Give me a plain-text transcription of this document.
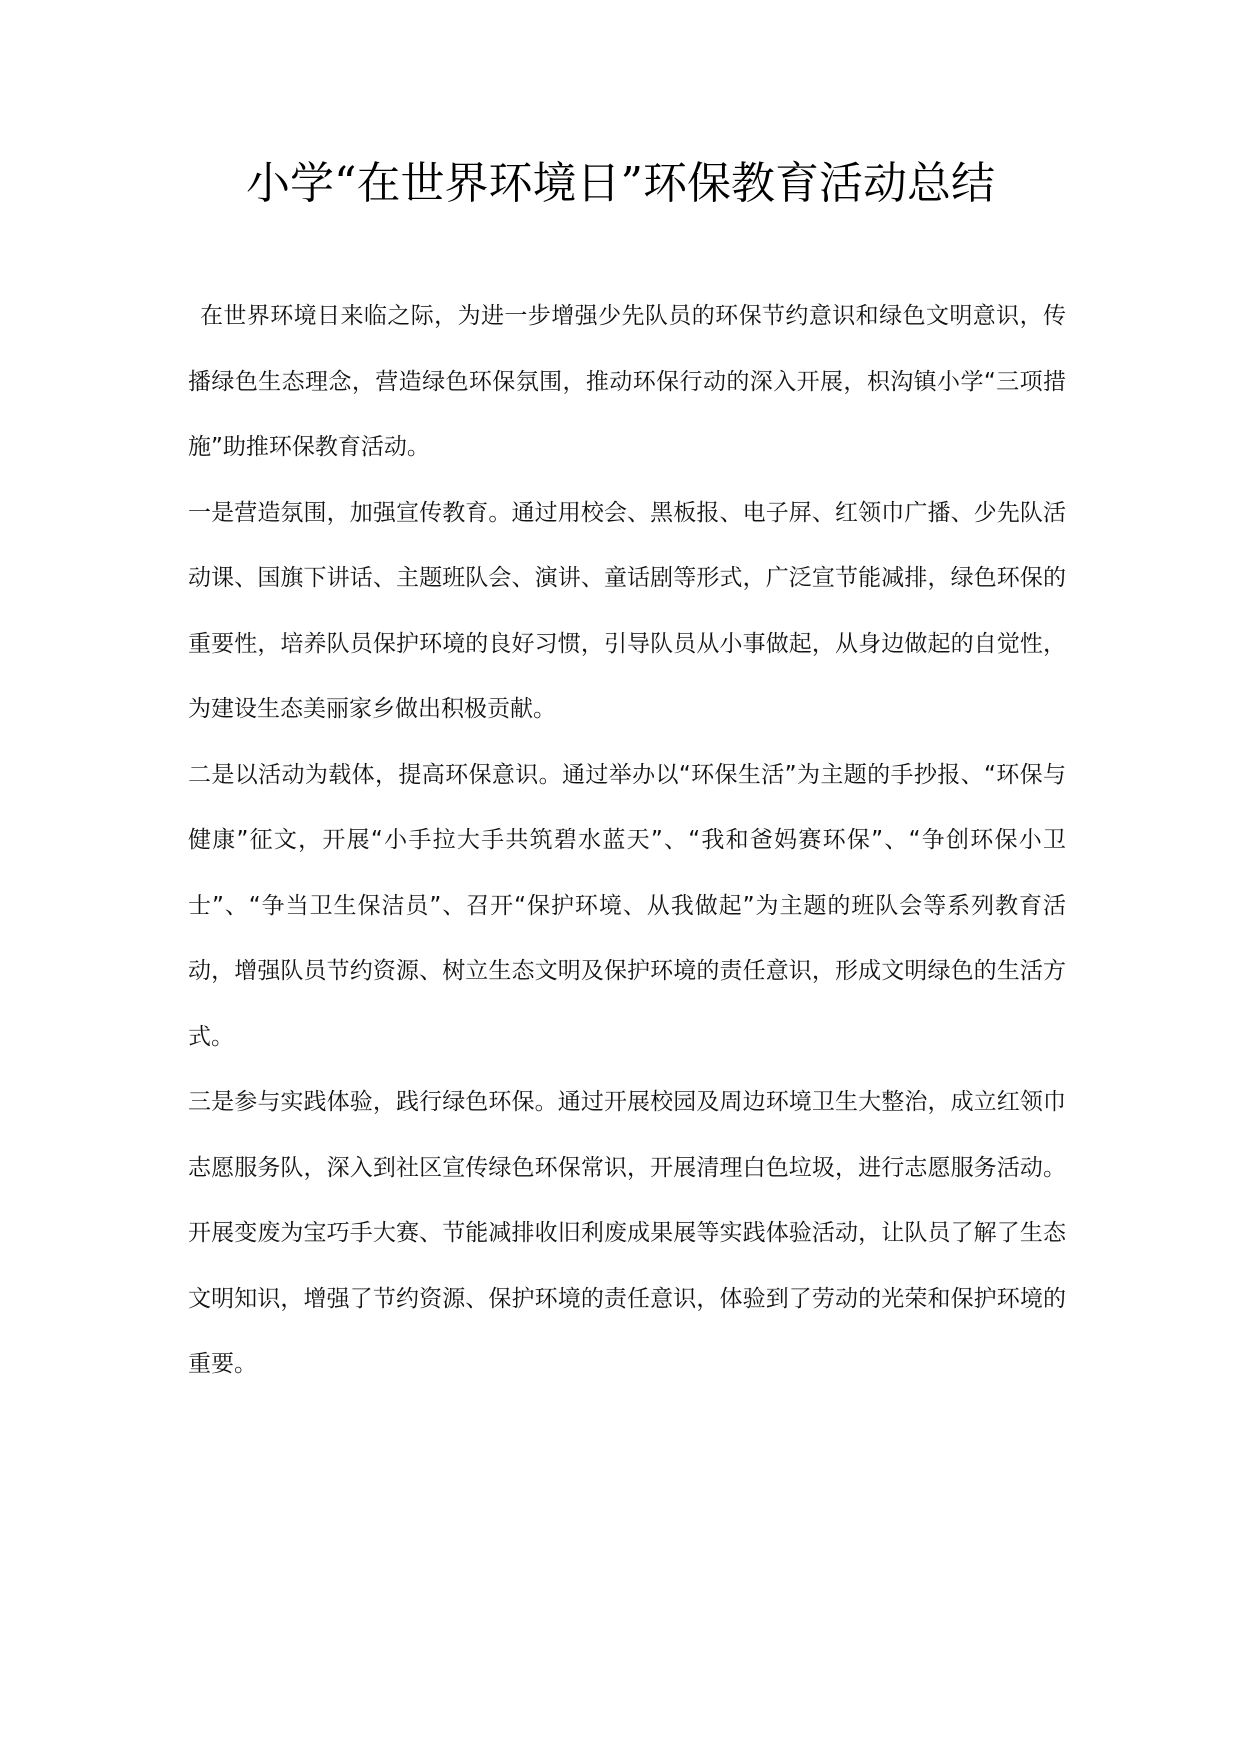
小学“在世界环境日”环保教育活动总结

在世界环境日来临之际，为进一步增强少先队员的环保节约意识和绿色文明意识，传播绿色生态理念，营造绿色环保氛围，推动环保行动的深入开展，枳沟镇小学“三项措施”助推环保教育活动。

一是营造氛围，加强宣传教育。通过用校会、黑板报、电子屏、红领巾广播、少先队活动课、国旗下讲话、主题班队会、演讲、童话剧等形式，广泛宣节能减排，绿色环保的重要性，培养队员保护环境的良好习惯，引导队员从小事做起，从身边做起的自觉性，为建设生态美丽家乡做出积极贡献。

二是以活动为载体，提高环保意识。通过举办以“环保生活”为主题的手抄报、“环保与健康”征文，开展“小手拉大手共筑碧水蓝天”、“我和爸妈赛环保”、“争创环保小卫士”、“争当卫生保洁员”、召开“保护环境、从我做起”为主题的班队会等系列教育活动，增强队员节约资源、树立生态文明及保护环境的责任意识，形成文明绿色的生活方式。

三是参与实践体验，践行绿色环保。通过开展校园及周边环境卫生大整治，成立红领巾志愿服务队，深入到社区宣传绿色环保常识，开展清理白色垃圾，进行志愿服务活动。开展变废为宝巧手大赛、节能减排收旧利废成果展等实践体验活动，让队员了解了生态文明知识，增强了节约资源、保护环境的责任意识，体验到了劳动的光荣和保护环境的重要。
